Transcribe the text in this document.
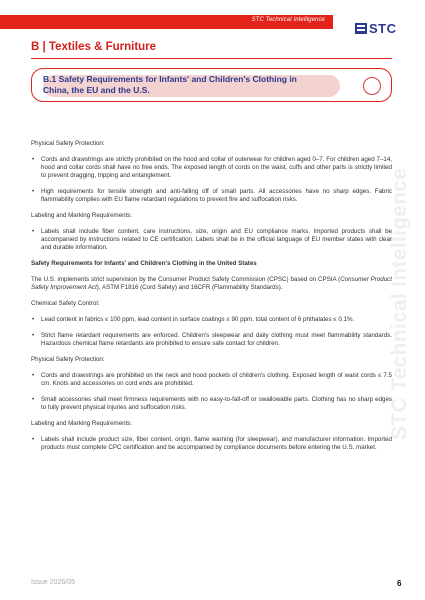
STC Technical Intelligence
STC
B | Textiles & Furniture
B.1 Safety Requirements for Infants' and Children's Clothing in China, the EU and the U.S.
STC Technical Intelligence

Physical Safety Protection:

• Cords and drawstrings are strictly prohibited on the hood and collar of outerwear for children aged 0–7. For children aged 7–14, hood and collar cords shall have no free ends. The exposed length of cords on the waist, cuffs and other parts is strictly limited to prevent dragging, tripping and entanglement.
• High requirements for tensile strength and anti-falling off of small parts. All accessories have no sharp edges. Fabric flammability complies with EU flame retardant regulations to prevent fire and suffocation risks.

Labeling and Marking Requirements:

• Labels shall include fiber content, care instructions, size, origin and EU compliance marks. Imported products shall be accompanied by instructions related to CE certification. Labels shall be in the official language of EU member states with clear and durable information.

Safety Requirements for Infants' and Children's Clothing in the United States

The U.S. implements strict supervision by the Consumer Product Safety Commission (CPSC) based on CPSIA (Consumer Product Safety Improvement Act), ASTM F1816 (Cord Safety) and 16CFR (Flammability Standards).

Chemical Safety Control:

• Lead content in fabrics ≤ 100 ppm, lead content in surface coatings ≤ 90 ppm, total content of 6 phthalates ≤ 0.1%.
• Strict flame retardant requirements are enforced. Children's sleepwear and daily clothing must meet flammability standards. Hazardous chemical flame retardants are prohibited to ensure safe contact for children.

Physical Safety Protection:

• Cords and drawstrings are prohibited on the neck and hood pockets of children's clothing. Exposed length of waist cords ≤ 7.5 cm. Knots and accessories on cord ends are prohibited.
• Small accessories shall meet firmness requirements with no easy-to-fall-off or swallowable parts. Clothing has no sharp edges to fully prevent physical injuries and suffocation risks.

Labeling and Marking Requirements:

• Labels shall include product size, fiber content, origin, flame warning (for sleepwear), and manufacturer information. Imported products must complete CPC certification and be accompanied by compliance documents before entering the U.S. market.
Issue 2026/05	6
